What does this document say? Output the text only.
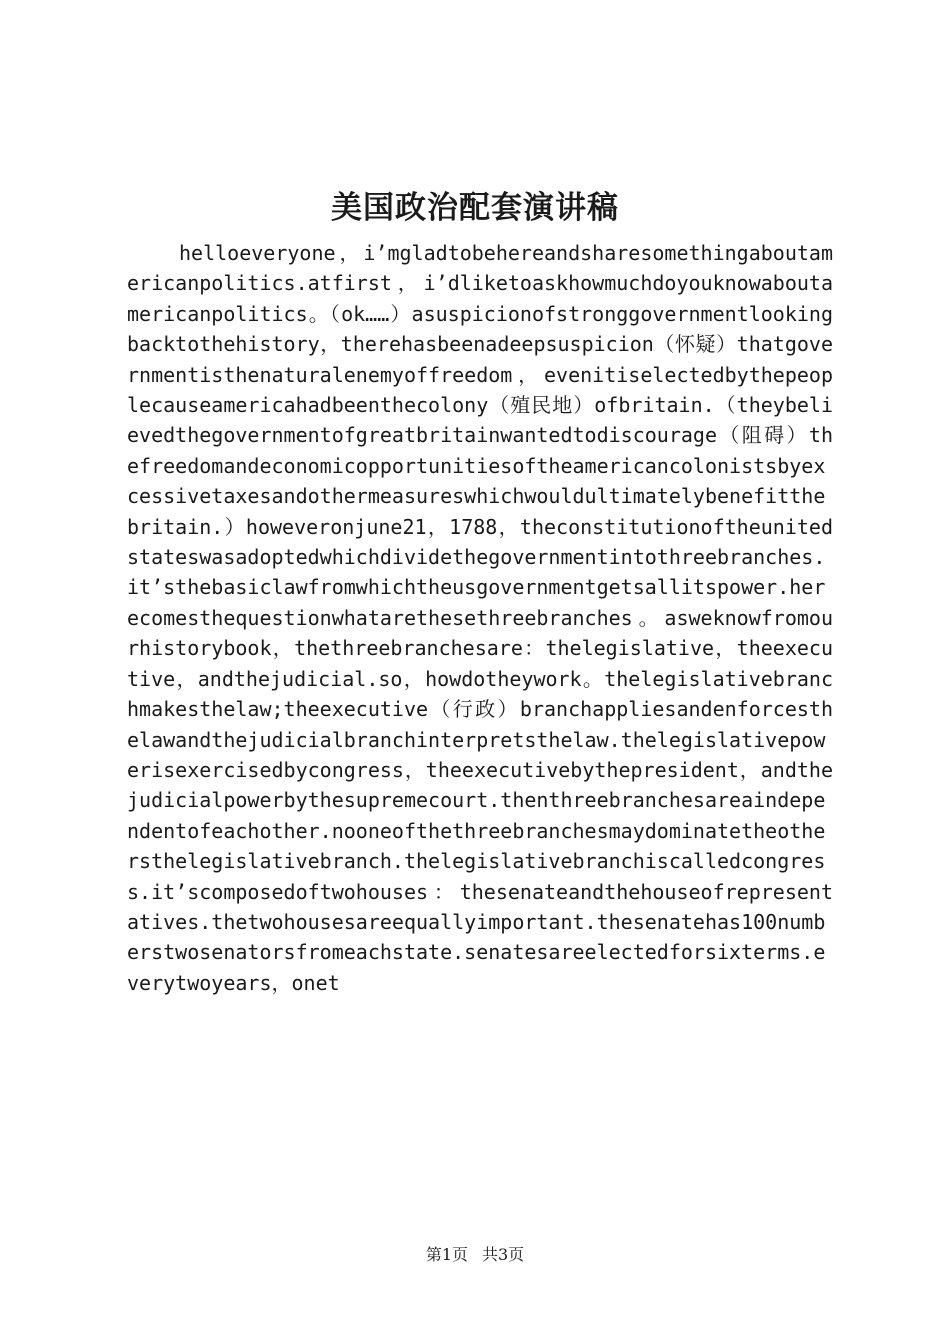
美国政治配套演讲稿

helloeveryone，i’mgladtobehereandsharesomethingaboutamericanpolitics.atfirst，i’dliketoaskhowmuchdoyouknowaboutamericanpolitics。（ok……）asuspicionofstronggovernmentlookingbacktothehistory，therehasbeenadeepsuspicion（怀疑）thatgovernmentisthenaturalenemyoffreedom，evenitiselectedbythepeoplecauseamericahadbeenthecolony（殖民地）ofbritain.（theybelievedthegovernmentofgreatbritainwantedtodiscourage（阻碍）thefreedomandeconomicopportunitiesoftheamericancolonistsbyexcessivetaxesandothermeasureswhichwouldultimatelybenefitthebritain.）howeveronjune21，1788，theconstitutionoftheunitedstateswasadoptedwhichdividethegovernmentintothreebranches.it’sthebasiclawfromwhichtheusgovernmentgetsallitspower.herecomesthequestionwhatarethesethreebranches。asweknowfromourhistorybook，thethreebranchesare：thelegislative，theexecutive，andthejudicial.so，howdotheywork。thelegislativebranchmakesthelaw;theexecutive（行政）branchappliesandenforcesthelawandthejudicialbranchinterpretsthelaw.thelegislativepowerisexercisedbycongress，theexecutivebythepresident，andthejudicialpowerbythesupremecourt.thenthreebranchesareaindependentofeachother.nooneofthethreebranchesmaydominatetheothersthelegislativebranch.thelegislativebranchiscalledcongress.it’scomposedoftwohouses：thesenateandthehouseofrepresentatives.thetwohousesareequallyimportant.thesenatehas100numberstwosenatorsfromeachstate.senatesareelectedforsixterms.everytwoyears，onet

第1页 共3页
